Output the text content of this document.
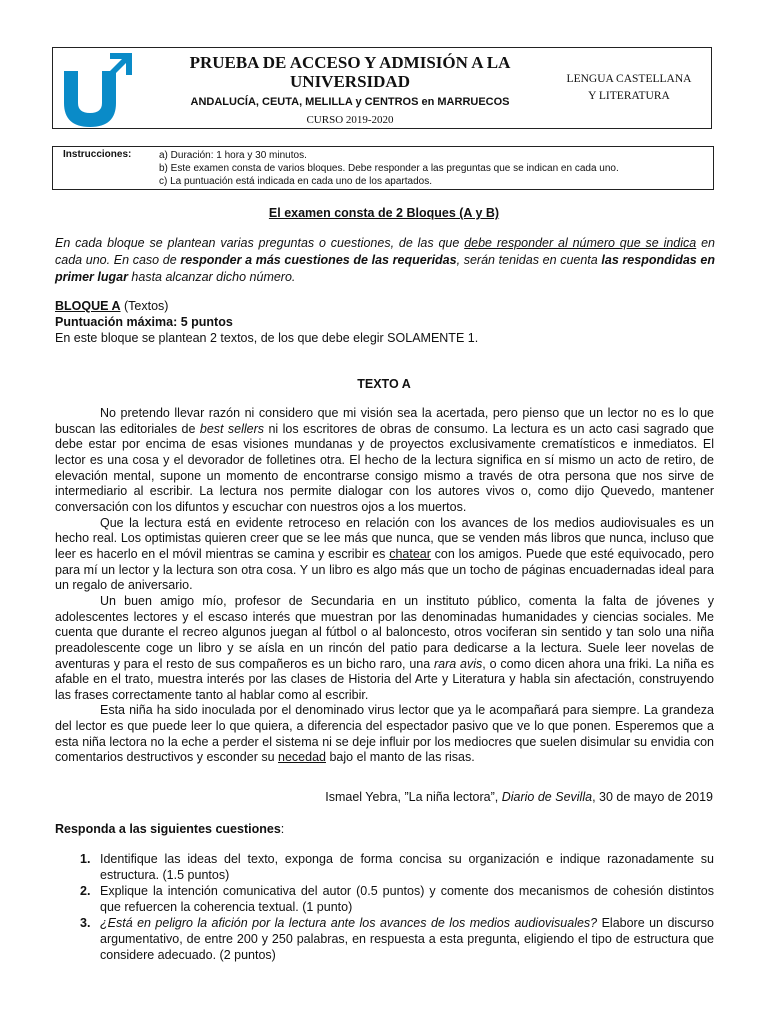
PRUEBA DE ACCESO Y ADMISIÓN A LA UNIVERSIDAD
ANDALUCÍA, CEUTA, MELILLA y CENTROS en MARRUECOS
CURSO 2019-2020
LENGUA CASTELLANA
Y LITERATURA
Instrucciones:	a) Duración: 1 hora y 30 minutos.
b) Este examen consta de varios bloques. Debe responder a las preguntas que se indican en cada uno.
c) La puntuación está indicada en cada uno de los apartados.
El examen consta de 2 Bloques (A y B)
En cada bloque se plantean varias preguntas o cuestiones, de las que debe responder al número que se indica en cada uno. En caso de responder a más cuestiones de las requeridas, serán tenidas en cuenta las respondidas en primer lugar hasta alcanzar dicho número.
BLOQUE A (Textos)
Puntuación máxima: 5 puntos
En este bloque se plantean 2 textos, de los que debe elegir SOLAMENTE 1.
TEXTO A

No pretendo llevar razón ni considero que mi visión sea la acertada, pero pienso que un lector no es lo que buscan las editoriales de best sellers ni los escritores de obras de consumo. La lectura es un acto casi sagrado que debe estar por encima de esas visiones mundanas y de proyectos exclusivamente crematísticos e inmediatos. El lector es una cosa y el devorador de folletines otra. El hecho de la lectura significa en sí mismo un acto de retiro, de elevación mental, supone un momento de encontrarse consigo mismo a través de otra persona que nos sirve de intermediario al escribir. La lectura nos permite dialogar con los autores vivos o, como dijo Quevedo, mantener conversación con los difuntos y escuchar con nuestros ojos a los muertos.

Que la lectura está en evidente retroceso en relación con los avances de los medios audiovisuales es un hecho real. Los optimistas quieren creer que se lee más que nunca, que se venden más libros que nunca, incluso que leer es hacerlo en el móvil mientras se camina y escribir es chatear con los amigos. Puede que esté equivocado, pero para mí un lector y la lectura son otra cosa. Y un libro es algo más que un tocho de páginas encuadernadas ideal para un regalo de aniversario.

Un buen amigo mío, profesor de Secundaria en un instituto público, comenta la falta de jóvenes y adolescentes lectores y el escaso interés que muestran por las denominadas humanidades y ciencias sociales. Me cuenta que durante el recreo algunos juegan al fútbol o al baloncesto, otros vociferan sin sentido y tan solo una niña preadolescente coge un libro y se aísla en un rincón del patio para dedicarse a la lectura. Suele leer novelas de aventuras y para el resto de sus compañeros es un bicho raro, una rara avis, o como dicen ahora una friki. La niña es afable en el trato, muestra interés por las clases de Historia del Arte y Literatura y habla sin afectación, construyendo las frases correctamente tanto al hablar como al escribir.

Esta niña ha sido inoculada por el denominado virus lector que ya le acompañará para siempre. La grandeza del lector es que puede leer lo que quiera, a diferencia del espectador pasivo que ve lo que ponen. Esperemos que a esta niña lectora no la eche a perder el sistema ni se deje influir por los mediocres que suelen disimular su envidia con comentarios destructivos y esconder su necedad bajo el manto de las risas.

Ismael Yebra, ”La niña lectora”, Diario de Sevilla, 30 de mayo de 2019
Responda a las siguientes cuestiones:
1. Identifique las ideas del texto, exponga de forma concisa su organización e indique razonadamente su estructura. (1.5 puntos)
2. Explique la intención comunicativa del autor (0.5 puntos) y comente dos mecanismos de cohesión distintos que refuercen la coherencia textual. (1 punto)
3. ¿Está en peligro la afición por la lectura ante los avances de los medios audiovisuales? Elabore un discurso argumentativo, de entre 200 y 250 palabras, en respuesta a esta pregunta, eligiendo el tipo de estructura que considere adecuado. (2 puntos)
